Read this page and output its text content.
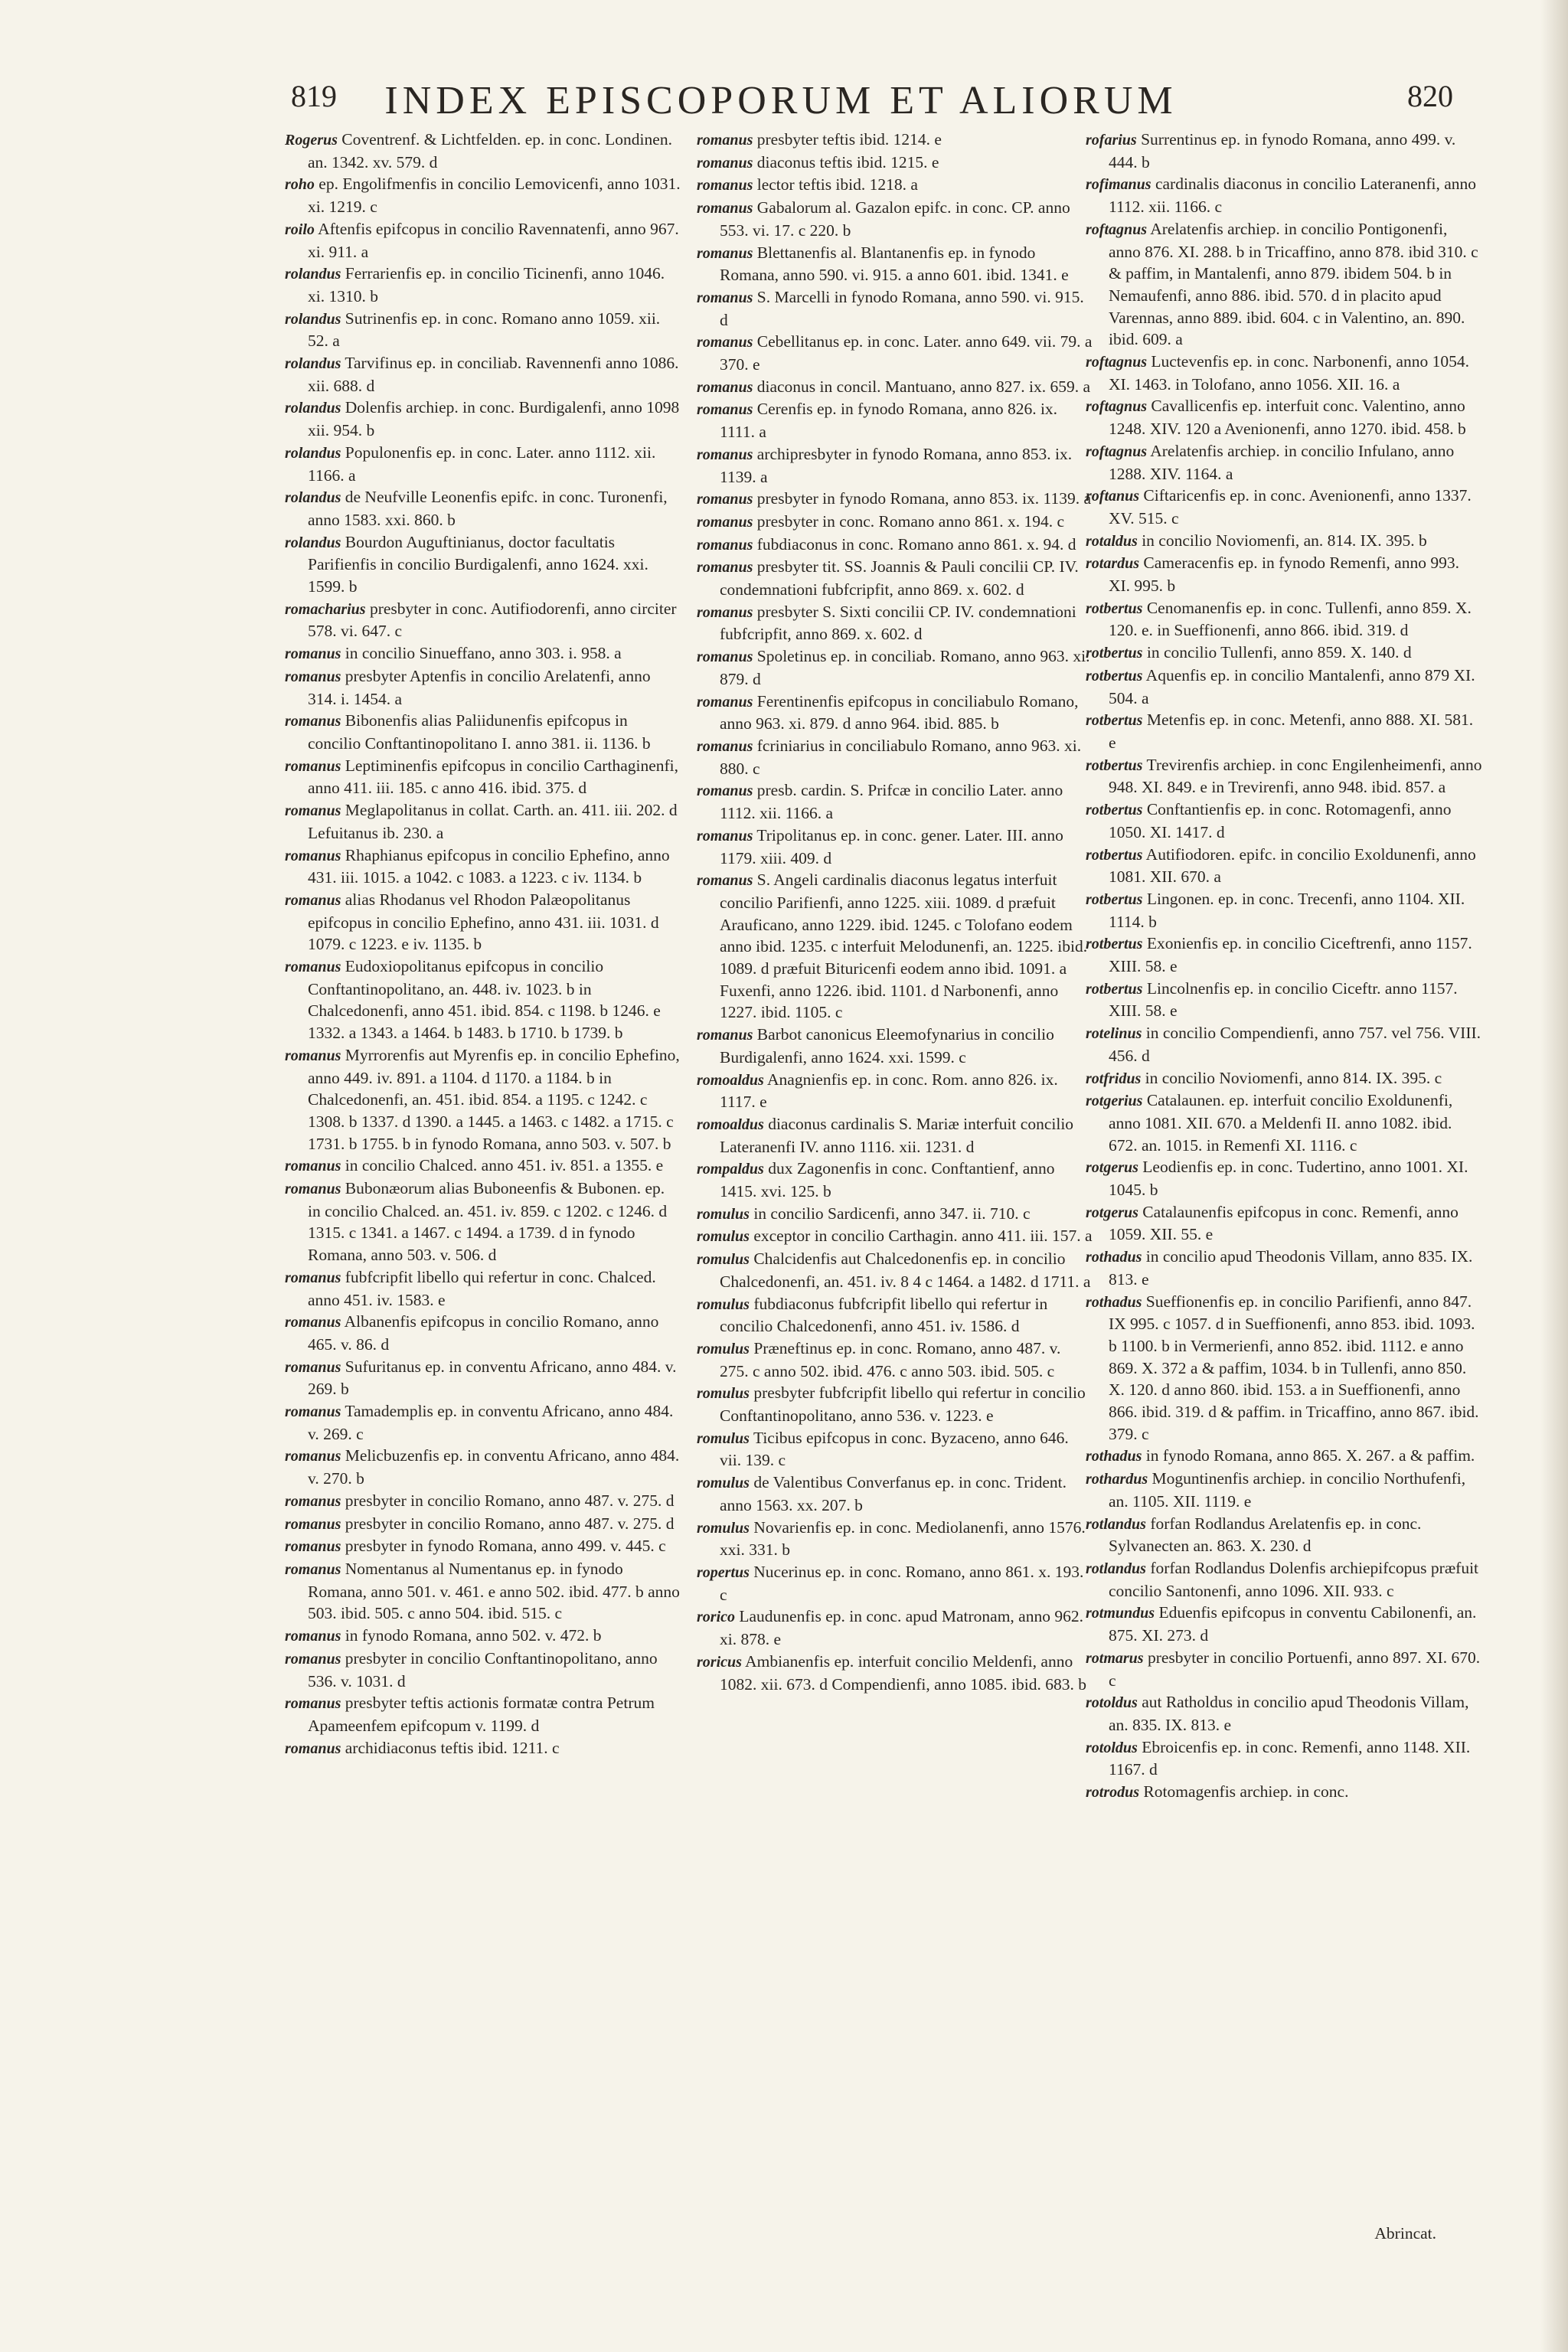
819	INDEX EPISCOPORUM ET ALIORUM	820

Rogerus Coventrenf. & Lichtfelden. ep. in conc. Londinen. an. 1342. xv. 579. d

roho ep. Engolifmenfis in concilio Lemovicenfi, anno 1031. xi. 1219. c

roilo Aftenfis epifcopus in concilio Ravennatenfi, anno 967. xi. 911. a

rolandus Ferrarienfis ep. in concilio Ticinenfi, anno 1046. xi. 1310. b

rolandus Sutrinenfis ep. in conc. Romano anno 1059. xii. 52. a

rolandus Tarvifinus ep. in conciliab. Ravennenfi anno 1086. xii. 688. d

rolandus Dolenfis archiep. in conc. Burdigalenfi, anno 1098 xii. 954. b

rolandus Populonenfis ep. in conc. Later. anno 1112. xii. 1166. a

rolandus de Neufville Leonenfis epifc. in conc. Turonenfi, anno 1583. xxi. 860. b

rolandus Bourdon Auguftinianus, doctor facultatis Parifienfis in concilio Burdigalenfi, anno 1624. xxi. 1599. b

romacharius presbyter in conc. Autifiodorenfi, anno circiter 578. vi. 647. c

romanus in concilio Sinueffano, anno 303. i. 958. a

romanus presbyter Aptenfis in concilio Arelatenfi, anno 314. i. 1454. a

romanus Bibonenfis alias Paliidunenfis epifcopus in concilio Conftantinopolitano I. anno 381. ii. 1136. b

romanus Leptiminenfis epifcopus in concilio Carthaginenfi, anno 411. iii. 185. c anno 416. ibid. 375. d

romanus Meglapolitanus in collat. Carth. an. 411. iii. 202. d Lefuitanus ib. 230. a

romanus Rhaphianus epifcopus in concilio Ephefino, anno 431. iii. 1015. a 1042. c 1083. a 1223. c iv. 1134. b

romanus alias Rhodanus vel Rhodon Palæopolitanus epifcopus in concilio Ephefino, anno 431. iii. 1031. d 1079. c 1223. e iv. 1135. b

romanus Eudoxiopolitanus epifcopus in concilio Conftantinopolitano, an. 448. iv. 1023. b in Chalcedonenfi, anno 451. ibid. 854. c 1198. b 1246. e 1332. a 1343. a 1464. b 1483. b 1710. b 1739. b

romanus Myrrorenfis aut Myrenfis ep. in concilio Ephefino, anno 449. iv. 891. a 1104. d 1170. a 1184. b in Chalcedonenfi, an. 451. ibid. 854. a 1195. c 1242. c 1308. b 1337. d 1390. a 1445. a 1463. c 1482. a 1715. c 1731. b 1755. b in fynodo Romana, anno 503. v. 507. b

romanus in concilio Chalced. anno 451. iv. 851. a 1355. e

romanus Bubonæorum alias Buboneenfis & Bubonen. ep. in concilio Chalced. an. 451. iv. 859. c 1202. c 1246. d 1315. c 1341. a 1467. c 1494. a 1739. d in fynodo Romana, anno 503. v. 506. d

romanus fubfcripfit libello qui refertur in conc. Chalced. anno 451. iv. 1583. e

romanus Albanenfis epifcopus in concilio Romano, anno 465. v. 86. d

romanus Sufuritanus ep. in conventu Africano, anno 484. v. 269. b

romanus Tamademplis ep. in conventu Africano, anno 484. v. 269. c

romanus Melicbuzenfis ep. in conventu Africano, anno 484. v. 270. b

romanus presbyter in concilio Romano, anno 487. v. 275. d

romanus presbyter in concilio Romano, anno 487. v. 275. d

romanus presbyter in fynodo Romana, anno 499. v. 445. c

romanus Nomentanus al Numentanus ep. in fynodo Romana, anno 501. v. 461. e anno 502. ibid. 477. b anno 503. ibid. 505. c anno 504. ibid. 515. c

romanus in fynodo Romana, anno 502. v. 472. b

romanus presbyter in concilio Conftantinopolitano, anno 536. v. 1031. d

romanus presbyter teftis actionis formatæ contra Petrum Apameenfem epifcopum v. 1199. d

romanus archidiaconus teftis ibid. 1211. c

romanus presbyter teftis ibid. 1214. e

romanus diaconus teftis ibid. 1215. e

romanus lector teftis ibid. 1218. a

romanus Gabalorum al. Gazalon epifc. in conc. CP. anno 553. vi. 17. c 220. b

romanus Blettanenfis al. Blantanenfis ep. in fynodo Romana, anno 590. vi. 915. a anno 601. ibid. 1341. e

romanus S. Marcelli in fynodo Romana, anno 590. vi. 915. d

romanus Cebellitanus ep. in conc. Later. anno 649. vii. 79. a 370. e

romanus diaconus in concil. Mantuano, anno 827. ix. 659. a

romanus Cerenfis ep. in fynodo Romana, anno 826. ix. 1111. a

romanus archipresbyter in fynodo Romana, anno 853. ix. 1139. a

romanus presbyter in fynodo Romana, anno 853. ix. 1139. a

romanus presbyter in conc. Romano anno 861. x. 194. c

romanus fubdiaconus in conc. Romano anno 861. x. 94. d

romanus presbyter tit. SS. Joannis & Pauli concilii CP. IV. condemnationi fubfcripfit, anno 869. x. 602. d

romanus presbyter S. Sixti concilii CP. IV. condemnationi fubfcripfit, anno 869. x. 602. d

romanus Spoletinus ep. in conciliab. Romano, anno 963. xi. 879. d

romanus Ferentinenfis epifcopus in conciliabulo Romano, anno 963. xi. 879. d anno 964. ibid. 885. b

romanus fcriniarius in conciliabulo Romano, anno 963. xi. 880. c

romanus presb. cardin. S. Prifcæ in concilio Later. anno 1112. xii. 1166. a

romanus Tripolitanus ep. in conc. gener. Later. III. anno 1179. xiii. 409. d

romanus S. Angeli cardinalis diaconus legatus interfuit concilio Parifienfi, anno 1225. xiii. 1089. d præfuit Arauficano, anno 1229. ibid. 1245. c Tolofano eodem anno ibid. 1235. c interfuit Melodunenfi, an. 1225. ibid. 1089. d præfuit Bituricenfi eodem anno ibid. 1091. a Fuxenfi, anno 1226. ibid. 1101. d Narbonenfi, anno 1227. ibid. 1105. c

romanus Barbot canonicus Eleemofynarius in concilio Burdigalenfi, anno 1624. xxi. 1599. c

romoaldus Anagnienfis ep. in conc. Rom. anno 826. ix. 1117. e

romoaldus diaconus cardinalis S. Mariæ interfuit concilio Lateranenfi IV. anno 1116. xii. 1231. d

rompaldus dux Zagonenfis in conc. Conftantienf, anno 1415. xvi. 125. b

romulus in concilio Sardicenfi, anno 347. ii. 710. c

romulus exceptor in concilio Carthagin. anno 411. iii. 157. a

romulus Chalcidenfis aut Chalcedonenfis ep. in concilio Chalcedonenfi, an. 451. iv. 8 4 c 1464. a 1482. d 1711. a

romulus fubdiaconus fubfcripfit libello qui refertur in concilio Chalcedonenfi, anno 451. iv. 1586. d

romulus Præneftinus ep. in conc. Romano, anno 487. v. 275. c anno 502. ibid. 476. c anno 503. ibid. 505. c

romulus presbyter fubfcripfit libello qui refertur in concilio Conftantinopolitano, anno 536. v. 1223. e

romulus Ticibus epifcopus in conc. Byzaceno, anno 646. vii. 139. c

romulus de Valentibus Converfanus ep. in conc. Trident. anno 1563. xx. 207. b

romulus Novarienfis ep. in conc. Mediolanenfi, anno 1576. xxi. 331. b

ropertus Nucerinus ep. in conc. Romano, anno 861. x. 193. c

rorico Laudunenfis ep. in conc. apud Matronam, anno 962. xi. 878. e

roricus Ambianenfis ep. interfuit concilio Meldenfi, anno 1082. xii. 673. d Compendienfi, anno 1085. ibid. 683. b

rofarius Surrentinus ep. in fynodo Romana, anno 499. v. 444. b

rofimanus cardinalis diaconus in concilio Lateranenfi, anno 1112. xii. 1166. c

roftagnus Arelatenfis archiep. in concilio Pontigonenfi, anno 876. XI. 288. b in Tricaffino, anno 878. ibid 310. c & paffim, in Mantalenfi, anno 879. ibidem 504. b in Nemaufenfi, anno 886. ibid. 570. d in placito apud Varennas, anno 889. ibid. 604. c in Valentino, an. 890. ibid. 609. a

roftagnus Luctevenfis ep. in conc. Narbonenfi, anno 1054. XI. 1463. in Tolofano, anno 1056. XII. 16. a

roftagnus Cavallicenfis ep. interfuit conc. Valentino, anno 1248. XIV. 120 a Avenionenfi, anno 1270. ibid. 458. b

roftagnus Arelatenfis archiep. in concilio Infulano, anno 1288. XIV. 1164. a

roftanus Ciftaricenfis ep. in conc. Avenionenfi, anno 1337. XV. 515. c

rotaldus in concilio Noviomenfi, an. 814. IX. 395. b

rotardus Cameracenfis ep. in fynodo Remenfi, anno 993. XI. 995. b

rotbertus Cenomanenfis ep. in conc. Tullenfi, anno 859. X. 120. e. in Sueffionenfi, anno 866. ibid. 319. d

rotbertus in concilio Tullenfi, anno 859. X. 140. d

rotbertus Aquenfis ep. in concilio Mantalenfi, anno 879 XI. 504. a

rotbertus Metenfis ep. in conc. Metenfi, anno 888. XI. 581. e

rotbertus Trevirenfis archiep. in conc Engilenheimenfi, anno 948. XI. 849. e in Trevirenfi, anno 948. ibid. 857. a

rotbertus Conftantienfis ep. in conc. Rotomagenfi, anno 1050. XI. 1417. d

rotbertus Autifiodoren. epifc. in concilio Exoldunenfi, anno 1081. XII. 670. a

rotbertus Lingonen. ep. in conc. Trecenfi, anno 1104. XII. 1114. b

rotbertus Exonienfis ep. in concilio Ciceftrenfi, anno 1157. XIII. 58. e

rotbertus Lincolnenfis ep. in concilio Ciceftr. anno 1157. XIII. 58. e

rotelinus in concilio Compendienfi, anno 757. vel 756. VIII. 456. d

rotfridus in concilio Noviomenfi, anno 814. IX. 395. c

rotgerius Catalaunen. ep. interfuit concilio Exoldunenfi, anno 1081. XII. 670. a Meldenfi II. anno 1082. ibid. 672. an. 1015. in Remenfi XI. 1116. c

rotgerus Leodienfis ep. in conc. Tudertino, anno 1001. XI. 1045. b

rotgerus Catalaunenfis epifcopus in conc. Remenfi, anno 1059. XII. 55. e

rothadus in concilio apud Theodonis Villam, anno 835. IX. 813. e

rothadus Sueffionenfis ep. in concilio Parifienfi, anno 847. IX 995. c 1057. d in Sueffionenfi, anno 853. ibid. 1093. b 1100. b in Vermerienfi, anno 852. ibid. 1112. e anno 869. X. 372 a & paffim, 1034. b in Tullenfi, anno 850. X. 120. d anno 860. ibid. 153. a in Sueffionenfi, anno 866. ibid. 319. d & paffim. in Tricaffino, anno 867. ibid. 379. c

rothadus in fynodo Romana, anno 865. X. 267. a & paffim.

rothardus Moguntinenfis archiep. in concilio Northufenfi, an. 1105. XII. 1119. e

rotlandus forfan Rodlandus Arelatenfis ep. in conc. Sylvanecten an. 863. X. 230. d

rotlandus forfan Rodlandus Dolenfis archiepifcopus præfuit concilio Santonenfi, anno 1096. XII. 933. c

rotmundus Eduenfis epifcopus in conventu Cabilonenfi, an. 875. XI. 273. d

rotmarus presbyter in concilio Portuenfi, anno 897. XI. 670. c

rotoldus aut Ratholdus in concilio apud Theodonis Villam, an. 835. IX. 813. e

rotoldus Ebroicenfis ep. in conc. Remenfi, anno 1148. XII. 1167. d

rotrodus Rotomagenfis archiep. in conc.

Abrincat.
